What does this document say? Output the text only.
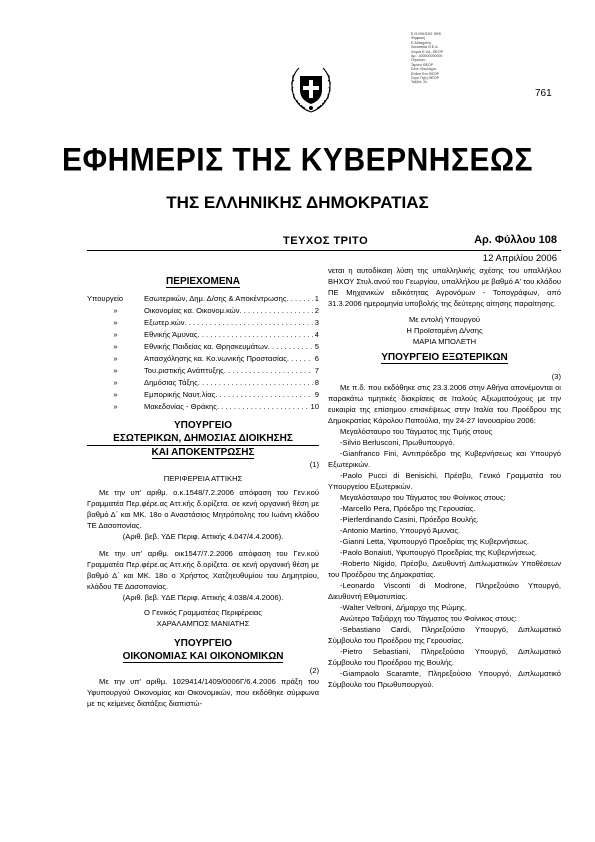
Ε.Θ.ΙΘΙΗΣΗΣ ΦΕΚ
Ψηφιακή
Ε.Αδικημένη
Στατιστικά Θ.Ε.Α.
Χειροτ.Ε.Χιλ. ΘΕΟΡ
Αρ.: 100000000000
Πήνοιςεν
Τερνεο ΘΕΟΡ
Σύντ: Θουλάχιω
Ενθεσ Επι ΘΕΟΡ
Συγκ.Τήξη ΘΕΟΡ
Ταξιδό: Σε
761
ΕΦΗΜΕΡΙΣ ΤΗΣ ΚΥΒΕΡΝΗΣΕΩΣ
ΤΗΣ ΕΛΛΗΝΙΚΗΣ ΔΗΜΟΚΡΑΤΙΑΣ
ΤΕΥΧΟΣ ΤΡΙΤΟ	Αρ. Φύλλου 108
12 Απριλίου 2006
ΠΕΡΙΕΧΟΜΕΝΑ
Υπουργείο	Εσωτερικών, Δημ. Δ/σης & Αποκέντρωσης . . .	1
»	Οικονομίας κα. Οικονομ.κών . . .	2
»	Εξωτερ.κών . . .	3
»	Εθνικής Άμυνας . . .	4
»	Εθνικής Παιδείας κα. Θρησκευμάτων . . .	5
»	Απασχόλησης κα. Κο.νωνικής Προστασίας . . .	6
»	Του.ριστικής Ανάπτυξης . . .	7
»	Δημόσιας Τάξης . . .	8
»	Εμπορικής Ναυτ.λίας . . .	9
»	Μακεδονίας - Θράκης . . .	10
ΥΠΟΥΡΓΕΙΟ
ΕΣΩΤΕΡΙΚΩΝ, ΔΗΜΟΣΙΑΣ ΔΙΟΙΚΗΣΗΣ
ΚΑΙ ΑΠΟΚΕΝΤΡΩΣΗΣ
(1)
ΠΕΡΙΦΕΡΕΙΑ ΑΤΤΙΚΗΣ
Με την υπ' αριθμ. ο.κ.1548/7.2.2006 απόφαση του Γεν.κού Γραμματέα Περ.φέρε.ας Αττ.κής δ.ορίζετα. σε κενή οργανική θέση με βαθμό Δ΄ και ΜΚ. 18ο ο Αναστάσιος Μητρόπολης του Ιωάνη κλάδου ΤΕ Δασοπονίας.
(Αριθ. βεβ. ΥΔΕ Περιφ. Αττικής 4.047/4.4.2006).
Με την υπ' αριθμ. οικ1547/7.2.2006 απόφαση του Γεν.κού Γραμματέα Περ.φέρε.ας Αττ.κής δ.ορίζετα. σε κενή οργανική θέση με βαθμό Δ΄ και ΜΚ. 18ο ο Χρήστος Χατζηευθυμίου του Δημητρίου, κλάδου ΤΕ Δασοπονίας.
(Αριθ. βεβ. ΥΔΕ Περιφ. Αττικής 4.038/4.4.2006).
Ο Γενικός Γραμματέας Περιφέρειας
ΧΑΡΑΛΑΜΠΟΣ ΜΑΝΙΑΤΗΣ
ΥΠΟΥΡΓΕΙΟ
ΟΙΚΟΝΟΜΙΑΣ ΚΑΙ ΟΙΚΟΝΟΜΙΚΩΝ
(2)
Με την υπ' αριθμ. 1029414/1409/0006Γ/6.4.2006 πράξη του Υφυπουργού Οικονομίας και Οικονομικών, που εκδόθηκε σύμφωνα με τις κείμενες διατάξεις διαπιστώ-
νεται η αυτοδίκαιη λύση της υπαλληλικής σχέσης του υπαλλήλου ΒΗΧΟΥ Στυλ.ανού του Γεωργίου, υπαλλήλου με βαθμό Α' του κλάδου ΠΕ Μηχανικών ειδικότητας Αγρονόμων - Τοπογράφων, από 31.3.2006 ημερομηνία υποβολής της δεύτερης αίτησης παραίτησης.
Με εντολή Υπουργού
Η Προϊσταμένη Δ/νσης
ΜΑΡΙΑ ΜΠΟΛΕΤΗ
ΥΠΟΥΡΓΕΙΟ ΕΞΩΤΕΡΙΚΩΝ
(3)
Με π.δ. που εκδόθηκε στις 23.3.2006 στην Αθήνα απονέμονται οι παρακάτω τιμητικές διακρίσεις σε Ιταλούς Αξιωματούχους με την ευκαιρία της επίσημου επισκέψεως στην Ιταλία του Προέδρου της Δημοκρατίας Κάρολου Παπούλια, την 24-27 Ιανουαρίου 2006:
Μεγαλόσταυρο του Τάγματος της Τιμής στους
-Silvio Berlusconi, Πρωθυπουργό.
-Gianfranco Fini, Αντιπρόεδρο της Κυβερνήσεως και Υπουργό Εξωτερικών.
-Paolo Pucci di Benisichi, Πρέσβυ, Γενικό Γραμματέα του Υπουργείου Εξωτερικών.
Μεγαλόσταυρο του Τάγματος του Φοίνικος στους:
-Marcello Pera, Πρόεδρο της Γερουσίας.
-Pierferdinando Casini, Πρόεδρο Βουλής.
-Antonio Martino, Υπουργό Άμυνας.
-Gianni Letta, Υφυπουργό Προεδρίας της Κυβερνήσεως.
-Paolo Bonaiuti, Υφυπουργό Προεδρίας της Κυβερνήσεως.
-Roberto Nigido, Πρέσβυ, Διευθυντή Διπλωματικών Υποθέσεων του Προέδρου της Δημοκρατίας.
-Leonardo Visconti di Modrone, Πληρεξούσιο Υπουργό, Διευθυντή Εθιμοτυπίας.
-Walter Veltroni, Δήμαρχο της Ρώμης.
Ανώτερο Ταξιάρχη του Τάγματος του Φοίνικος στους:
-Sebastiano Cardi, Πληρεξούσιο Υπουργό, Διπλωματικό Σύμβουλο του Προέδρου της Γερουσίας.
-Pietro Sebastiani, Πληρεξούσιο Υπουργό, Διπλωματικό Σύμβουλο του Προέδρου της Βουλής.
-Giampaolo Scaramte, Πληρεξούσιο Υπουργό, Διπλωματικό Σύμβουλο του Πρωθυπουργού.
